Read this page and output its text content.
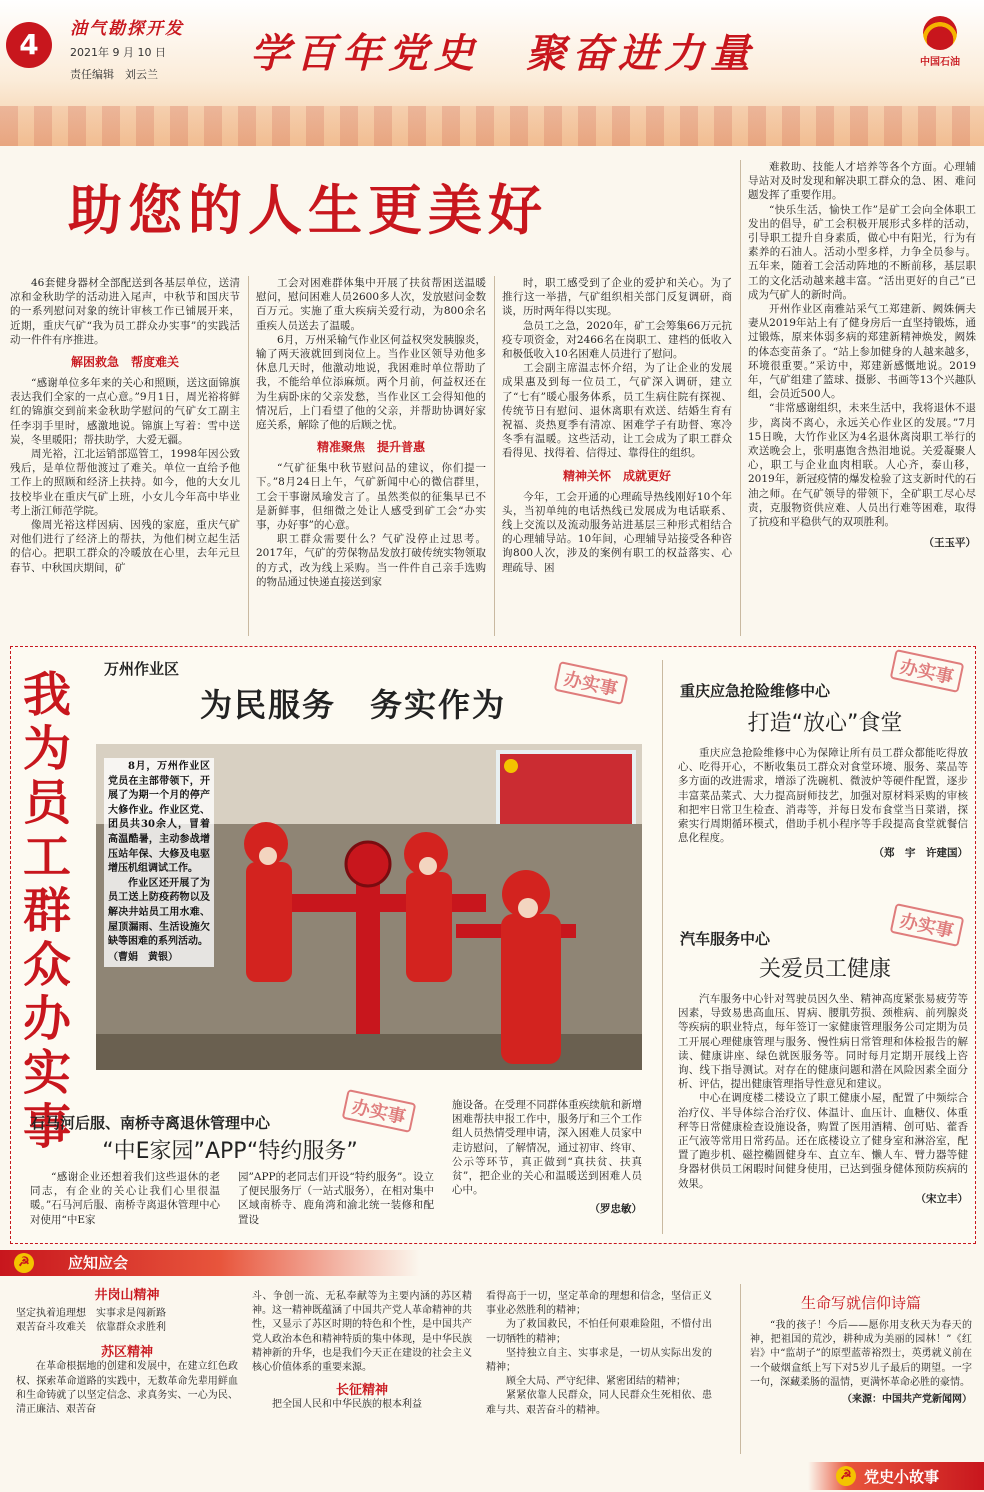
4	油气勘探开发
2021年 9 月 10 日
责任编辑　刘云兰 学百年党史　聚奋进力量	中国石油
助您的人生更美好

46套健身器材全部配送到各基层单位，送清凉和金秋助学的活动进入尾声，中秋节和国庆节的一系列慰问对象的统计审核工作已铺展开来，近期，重庆气矿“我为员工群众办实事”的实践活动一件件有序推进。

解困救急　帮度难关

“感谢单位多年来的关心和照顾，送这面锦旗表达我们全家的一点心意。”9月1日，周光裕将鲜红的锦旗交到前来金秋助学慰问的气矿女工副主任李羽手里时，感激地说。锦旗上写着：雪中送炭，冬里暖阳；帮扶助学，大爱无疆。

周光裕，江北运销部巡管工，1998年因公致残后，是单位帮他渡过了难关。单位一直给予他工作上的照顾和经济上扶持。如今，他的大女儿技校毕业在重庆气矿上班，小女儿今年高中毕业考上浙江师范学院。

像周光裕这样因病、因残的家庭，重庆气矿对他们进行了经济上的帮扶，为他们树立起生活的信心。把职工群众的冷暖放在心里，去年元旦春节、中秋国庆期间，矿

工会对困难群体集中开展了扶贫帮困送温暖慰问，慰问困难人员2600多人次，发放慰问金数百万元。实施了重大疾病关爱行动，为800余名重疾人员送去了温暖。

6月，万州采输气作业区何益权突发胰腺炎，输了两天液就回到岗位上。当作业区领导劝他多休息几天时，他激动地说，我困难时单位帮助了我，不能给单位添麻烦。两个月前，何益权还在为生病卧床的父亲发愁，当作业区工会得知他的情况后，上门看望了他的父亲，并帮助协调好家庭关系，解除了他的后顾之忧。

精准聚焦　提升普惠

“气矿征集中秋节慰问品的建议，你们提一下。”8月24日上午，气矿新闻中心的微信群里，工会干事谢凤瑜发言了。虽然类似的征集早已不是新鲜事，但细微之处让人感受到矿工会“办实事，办好事”的心意。

职工群众需要什么？气矿没停止过思考。2017年，气矿的劳保物品发放打破传统实物领取的方式，改为线上采购。当一件件自己亲手选购的物品通过快递直接送到家

时，职工感受到了企业的爱护和关心。为了推行这一举措，气矿组织相关部门反复调研，商谈，历时两年得以实现。

急员工之急，2020年，矿工会筹集66万元抗疫专项资金，对2466名在岗职工、建档的低收入和极低收入10名困难人员进行了慰问。

工会副主席温志怀介绍，为了让企业的发展成果惠及到每一位员工，气矿深入调研，建立了“七有”暖心服务体系，员工生病住院有探视、传统节日有慰问、退休离职有欢送、结婚生育有祝福、炎热夏季有清凉、困难学子有助督、寒冷冬季有温暖。这些活动，让工会成为了职工群众看得见、找得着、信得过、靠得住的组织。

精神关怀　成就更好

今年，工会开通的心理疏导热线刚好10个年头，当初单纯的电话热线已发展成为电话联系、线上交流以及流动服务站进基层三种形式相结合的心理辅导站。10年间，心理辅导站接受各种咨询800人次，涉及的案例有职工的权益落实、心理疏导、困

难救助、技能人才培养等各个方面。心理辅导站对及时发现和解决职工群众的急、困、难问题发挥了重要作用。

“快乐生活，愉快工作”是矿工会向全体职工发出的倡导，矿工会积极开展形式多样的活动，引导职工提升自身素质，做心中有阳光，行为有素养的石油人。活动小型多样，力争全员参与。五年来，随着工会活动阵地的不断前移，基层职工的文化活动越来越丰富。“活出更好的自己”已成为气矿人的新时尚。

开州作业区南雅站采气工郑建新、阙姝俩夫妻从2019年站上有了健身房后一直坚持锻炼，通过锻炼，原来体弱多病的郑建新精神焕发，阙姝的体态变苗条了。“站上参加健身的人越来越多，环境很重要。”采访中，郑建新感慨地说。2019年，气矿组建了篮球、摄影、书画等13个兴趣队组，会员近500人。

“非常感谢组织，未来生活中，我将退休不退步，离岗不离心，永远关心作业区的发展。”7月15日晚，大竹作业区为4名退休离岗职工举行的欢送晚会上，张明惠饱含热泪地说。关爱凝聚人心，职工与企业血肉相联。人心齐，泰山移，2019年，新冠疫情的爆发检验了这支新时代的石油之师。在气矿领导的带领下，全矿职工尽心尽责，克服物资供应难、人员出行难等困难，取得了抗疫和平稳供气的双项胜利。

（王玉平）
我为员工群众办实事
万州作业区
为民服务　务实作为
办实事

8月，万州作业区党员在主部带领下，开展了为期一个月的停产大修作业。作业区党、团员共30余人，冒着高温酷暑，主动参战增压站年保、大修及电驱增压机组调试工作。

作业区还开展了为员工送上防疫药物以及解决井站员工用水难、屋顶漏雨、生活设施欠缺等困难的系列活动。

（曹娟　黄银）
石马河后服、南桥寺离退休管理中心	办实事
“中E家园”APP“特约服务”

“感谢企业还想着我们这些退休的老同志，有企业的关心让我们心里很温暖。”石马河后服、南桥寺离退休管理中心对使用“中E家

园”APP的老同志们开设“特约服务”。设立了便民服务厅（一站式服务），在相对集中区域南桥寺、鹿角湾和渝北统一装修和配置设

施设备。在受理不同群体重疾续航和新增困难帮扶申报工作中，服务厅和三个工作组人员热情受理申请，深入困难人员家中走访慰问，了解情况，通过初审、终审、公示等环节，真正做到“真扶贫、扶真贫”，把企业的关心和温暖送到困难人员心中。

（罗忠敏）
重庆应急抢险维修中心
办实事
打造“放心”食堂

重庆应急抢险维修中心为保障让所有员工群众都能吃得放心、吃得开心，不断收集员工群众对食堂环境、服务、菜品等多方面的改进需求，增添了洗碗机、微波炉等硬件配置，逐步丰富菜品菜式、大力提高厨师技艺，加强对原材料采购的审核和把牢日常卫生检查、消毒等，并每日发布食堂当日菜谱，探索实行周期循环模式，借助手机小程序等手段提高食堂就餐信息化程度。

（郑　宇　许建国）
汽车服务中心	办实事
关爱员工健康

汽车服务中心针对驾驶员因久坐、精神高度紧张易疲劳等因素，导致易患高血压、胃病、腰肌劳损、颈椎病、前列腺炎等疾病的职业特点，每年签订一家健康管理服务公司定期为员工开展心理健康管理与服务、慢性病日常管理和体检报告的解读、健康讲座、绿色就医服务等。同时每月定期开展线上咨询、线下指导测试。对存在的健康问题和潜在风险因素全面分析、评估，提出健康管理指导性意见和建议。

中心在调度楼二楼设立了职工健康小屋，配置了中频综合治疗仪、半导体综合治疗仪、体温计、血压计、血糖仪、体重秤等日常健康检查设施设备，购置了医用酒精、创可贴、藿香正气液等常用日常药品。还在底楼设立了健身室和淋浴室，配置了跑步机、磁控椭圆健身车、直立车、懒人车、臂力器等健身器材供员工闲暇时间健身使用，已达到强身健体预防疾病的效果。

（宋立丰）
☭	应知应会
井岗山精神
坚定执着追理想　实事求是闯新路
艰苦奋斗攻难关　依靠群众求胜利
苏区精神

在革命根据地的创建和发展中，在建立红色政权、探索革命道路的实践中，无数革命先辈用鲜血和生命铸就了以坚定信念、求真务实、一心为民、清正廉洁、艰苦奋

斗、争创一流、无私奉献等为主要内涵的苏区精神。这一精神既蕴涵了中国共产党人革命精神的共性，又显示了苏区时期的特色和个性，是中国共产党人政治本色和精神特质的集中体现，是中华民族精神新的升华，也是我们今天正在建设的社会主义核心价值体系的重要来源。

长征精神

把全国人民和中华民族的根本利益

看得高于一切，坚定革命的理想和信念，坚信正义事业必然胜利的精神；

为了救国救民，不怕任何艰难险阻，不惜付出一切牺牲的精神；

坚持独立自主、实事求是，一切从实际出发的精神；

顾全大局、严守纪律、紧密团结的精神；

紧紧依靠人民群众，同人民群众生死相依、患难与共、艰苦奋斗的精神。

生命写就信仰诗篇

“我的孩子！今后——愿你用支秋天为春天的神，把祖国的荒沙，耕种成为美丽的园林！”《红岩》中“监胡子”的原型蓝蒂裕烈士，英勇就义前在一个破烟盒纸上写下对5岁儿子最后的期望。一字一句，深藏柔肠的温情，更满怀革命必胜的豪情。

（来源：中国共产党新闻网）
☭ 党史小故事
